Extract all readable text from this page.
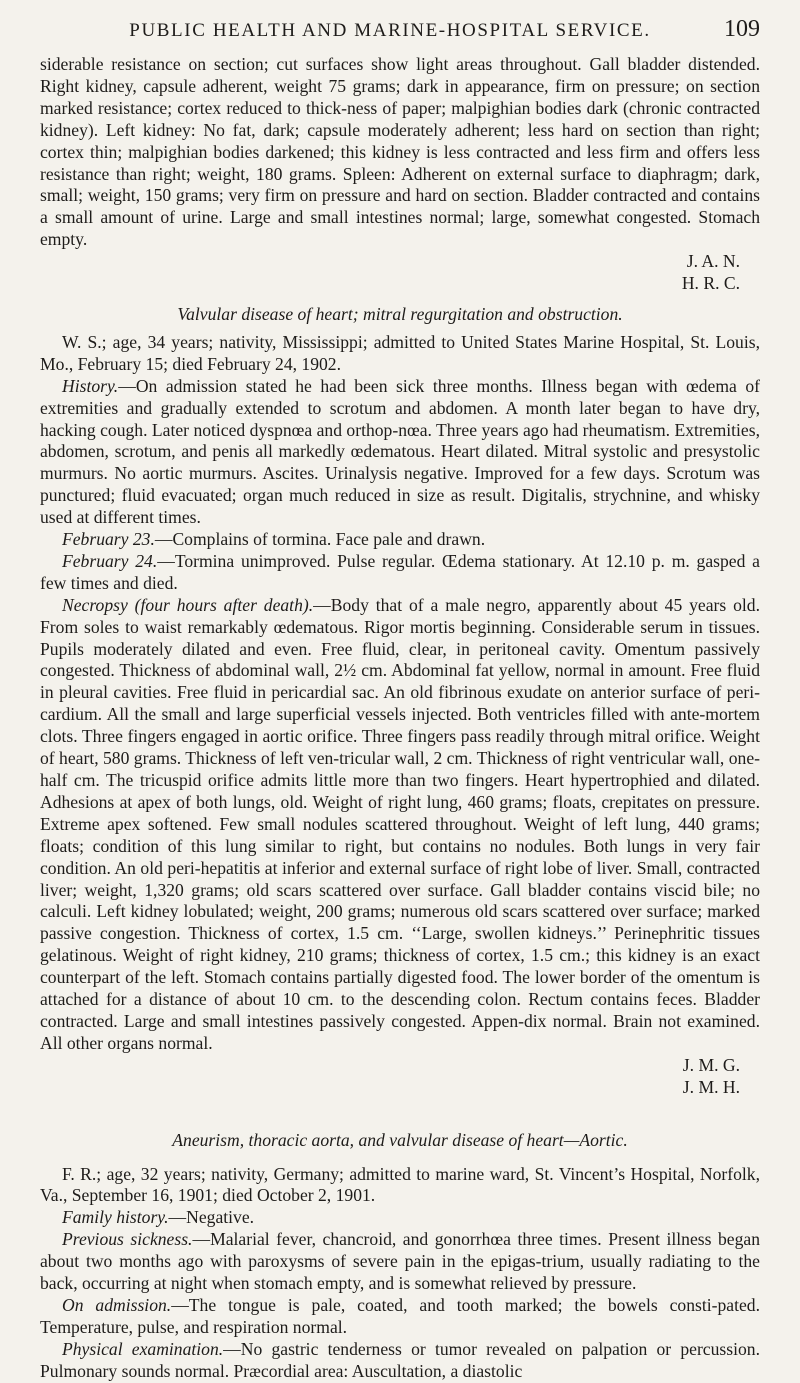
PUBLIC HEALTH AND MARINE-HOSPITAL SERVICE.	109

siderable resistance on section; cut surfaces show light areas throughout. Gall bladder distended. Right kidney, capsule adherent, weight 75 grams; dark in appearance, firm on pressure; on section marked resistance; cortex reduced to thick-ness of paper; malpighian bodies dark (chronic contracted kidney). Left kidney: No fat, dark; capsule moderately adherent; less hard on section than right; cortex thin; malpighian bodies darkened; this kidney is less contracted and less firm and offers less resistance than right; weight, 180 grams. Spleen: Adherent on external surface to diaphragm; dark, small; weight, 150 grams; very firm on pressure and hard on section. Bladder contracted and contains a small amount of urine. Large and small intestines normal; large, somewhat congested. Stomach empty.

J. A. N.
H. R. C.
Valvular disease of heart; mitral regurgitation and obstruction.

W. S.; age, 34 years; nativity, Mississippi; admitted to United States Marine Hospital, St. Louis, Mo., February 15; died February 24, 1902.

History.—On admission stated he had been sick three months. Illness began with œdema of extremities and gradually extended to scrotum and abdomen. A month later began to have dry, hacking cough. Later noticed dyspnœa and orthop-nœa. Three years ago had rheumatism. Extremities, abdomen, scrotum, and penis all markedly œdematous. Heart dilated. Mitral systolic and presystolic murmurs. No aortic murmurs. Ascites. Urinalysis negative. Improved for a few days. Scrotum was punctured; fluid evacuated; organ much reduced in size as result. Digitalis, strychnine, and whisky used at different times.

February 23.—Complains of tormina. Face pale and drawn.

February 24.—Tormina unimproved. Pulse regular. Œdema stationary. At 12.10 p. m. gasped a few times and died.

Necropsy (four hours after death).—Body that of a male negro, apparently about 45 years old. From soles to waist remarkably œdematous. Rigor mortis beginning. Considerable serum in tissues. Pupils moderately dilated and even. Free fluid, clear, in peritoneal cavity. Omentum passively congested. Thickness of abdominal wall, 2½ cm. Abdominal fat yellow, normal in amount. Free fluid in pleural cavities. Free fluid in pericardial sac. An old fibrinous exudate on anterior surface of peri-cardium. All the small and large superficial vessels injected. Both ventricles filled with ante-mortem clots. Three fingers engaged in aortic orifice. Three fingers pass readily through mitral orifice. Weight of heart, 580 grams. Thickness of left ven-tricular wall, 2 cm. Thickness of right ventricular wall, one-half cm. The tricuspid orifice admits little more than two fingers. Heart hypertrophied and dilated. Adhesions at apex of both lungs, old. Weight of right lung, 460 grams; floats, crepitates on pressure. Extreme apex softened. Few small nodules scattered throughout. Weight of left lung, 440 grams; floats; condition of this lung similar to right, but contains no nodules. Both lungs in very fair condition. An old peri-hepatitis at inferior and external surface of right lobe of liver. Small, contracted liver; weight, 1,320 grams; old scars scattered over surface. Gall bladder contains viscid bile; no calculi. Left kidney lobulated; weight, 200 grams; numerous old scars scattered over surface; marked passive congestion. Thickness of cortex, 1.5 cm. ‘‘Large, swollen kidneys.’’ Perinephritic tissues gelatinous. Weight of right kidney, 210 grams; thickness of cortex, 1.5 cm.; this kidney is an exact counterpart of the left. Stomach contains partially digested food. The lower border of the omentum is attached for a distance of about 10 cm. to the descending colon. Rectum contains feces. Bladder contracted. Large and small intestines passively congested. Appen-dix normal. Brain not examined. All other organs normal.

J. M. G.
J. M. H.
Aneurism, thoracic aorta, and valvular disease of heart—Aortic.

F. R.; age, 32 years; nativity, Germany; admitted to marine ward, St. Vincent’s Hospital, Norfolk, Va., September 16, 1901; died October 2, 1901.

Family history.—Negative.

Previous sickness.—Malarial fever, chancroid, and gonorrhœa three times. Present illness began about two months ago with paroxysms of severe pain in the epigas-trium, usually radiating to the back, occurring at night when stomach empty, and is somewhat relieved by pressure.

On admission.—The tongue is pale, coated, and tooth marked; the bowels consti-pated. Temperature, pulse, and respiration normal.

Physical examination.—No gastric tenderness or tumor revealed on palpation or percussion. Pulmonary sounds normal. Præcordial area: Auscultation, a diastolic
